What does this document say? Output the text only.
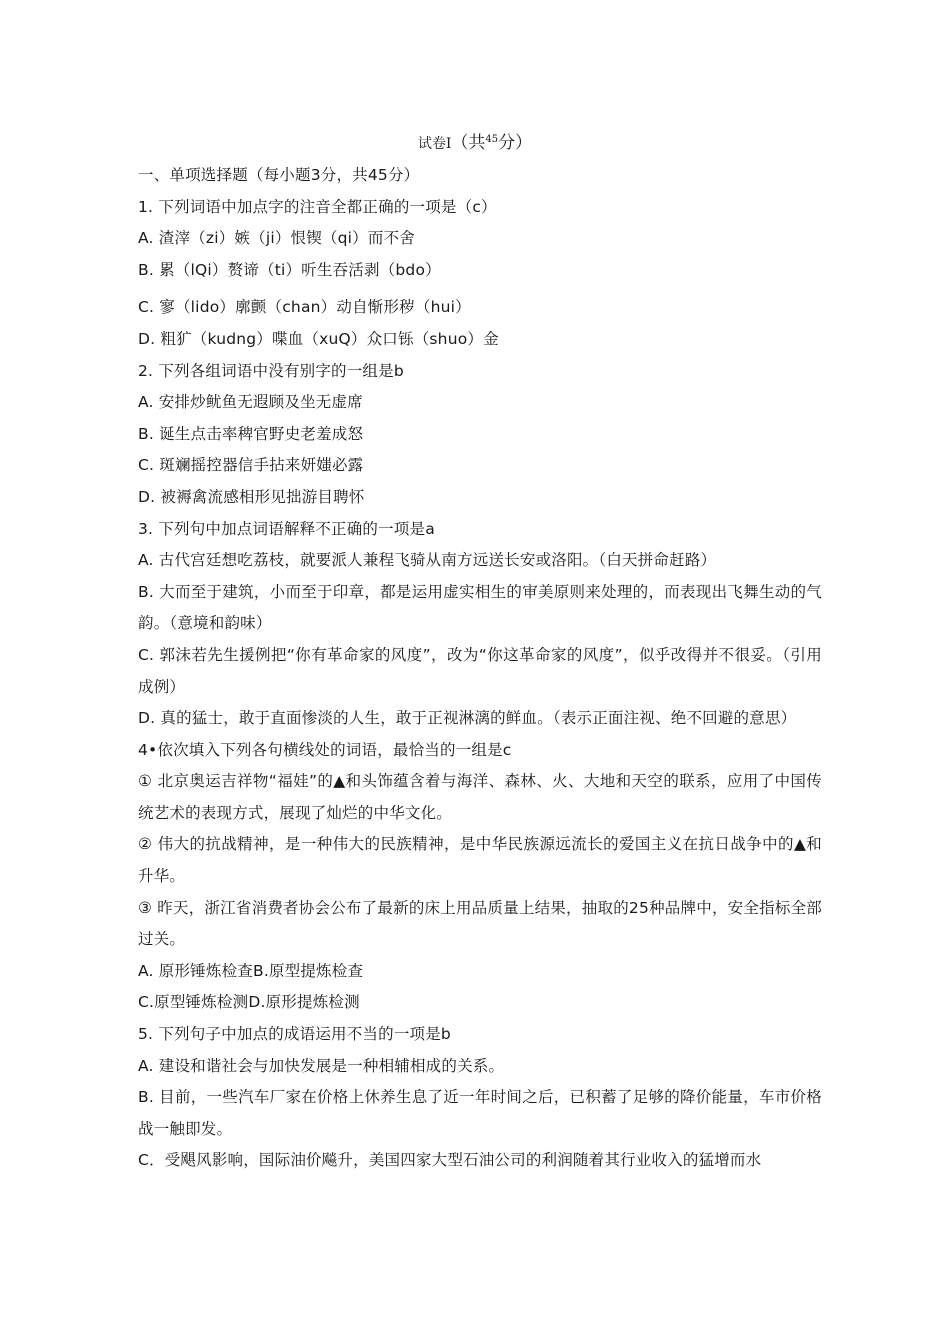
试卷I（共$^{45}$分）
一、单项选择题（每小题3分，共45分）
1. 下列词语中加点字的注音全都正确的一项是（c）
A. 渣滓（zi）嫉（ji）恨锲（qi）而不舍
B. 累（lQi）赘谛（ti）听生吞活剥（bdo）
C. 寥（lido）廓颤（chan）动自惭形秽（hui）
D. 粗犷（kudng）喋血（xuQ）众口铄（shuo）金
2. 下列各组词语中没有别字的一组是b
A. 安排炒鱿鱼无遐顾及坐无虚席
B. 诞生点击率稗官野史老羞成怒
C. 斑斓摇控器信手拈来妍媸必露
D. 被褥禽流感相形见拙游目聘怀
3. 下列句中加点词语解释不正确的一项是a
A. 古代宫廷想吃荔枝，就要派人兼程飞骑从南方远送长安或洛阳。（白天拼命赶路）
B. 大而至于建筑，小而至于印章，都是运用虚实相生的审美原则来处理的，而表现出飞舞生动的气韵。（意境和韵味）
C. 郭沫若先生援例把“你有革命家的风度”，改为“你这革命家的风度”，似乎改得并不很妥。（引用成例）
D. 真的猛士，敢于直面惨淡的人生，敢于正视淋漓的鲜血。（表示正面注视、绝不回避的意思）
4•依次填入下列各句横线处的词语，最恰当的一组是c
① 北京奥运吉祥物“福娃”的▲和头饰蕴含着与海洋、森林、火、大地和天空的联系，应用了中国传统艺术的表现方式，展现了灿烂的中华文化。
② 伟大的抗战精神，是一种伟大的民族精神，是中华民族源远流长的爱国主义在抗日战争中的▲和升华。
③ 昨天，浙江省消费者协会公布了最新的床上用品质量上结果，抽取的25种品牌中，安全指标全部过关。
A. 原形锤炼检查B.原型提炼检查
C.原型锤炼检测D.原形提炼检测
5. 下列句子中加点的成语运用不当的一项是b
A. 建设和谐社会与加快发展是一种相辅相成的关系。
B. 目前，一些汽车厂家在价格上休养生息了近一年时间之后，已积蓄了足够的降价能量，车市价格战一触即发。
C．受飓风影响，国际油价飚升，美国四家大型石油公司的利润随着其行业收入的猛增而水
